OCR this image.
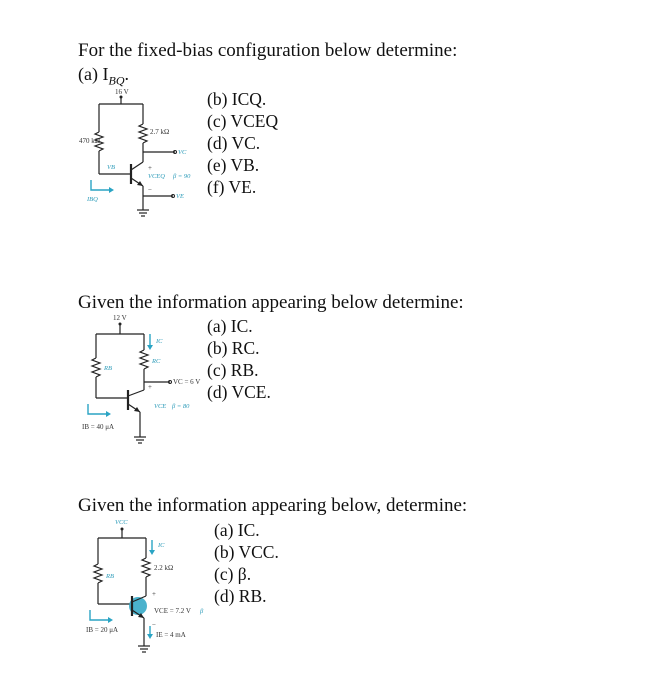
For the fixed-bias configuration below determine:
(a) $I_{BQ}$.
16 V
470 kΩ
2.7 kΩ
VC
VB
IBQ
VCEQ
+
−
β = 90
VE
(b) ICQ.
(c) VCEQ
(d) VC.
(e) VB.
(f) VE.
Given the information appearing below determine:
12 V
RB
IC
RC
VC = 6 V
+
IB = 40 μA
VCE β = 80
(a) IC.
(b) RC.
(c) RB.
(d) VCE.
Given the information appearing below, determine:
VCC
RB
IC
2.2 kΩ
+
IB = 20 μA
VCE = 7.2 V β
−
IE = 4 mA
(a) IC.
(b) VCC.
(c) β.
(d) RB.
